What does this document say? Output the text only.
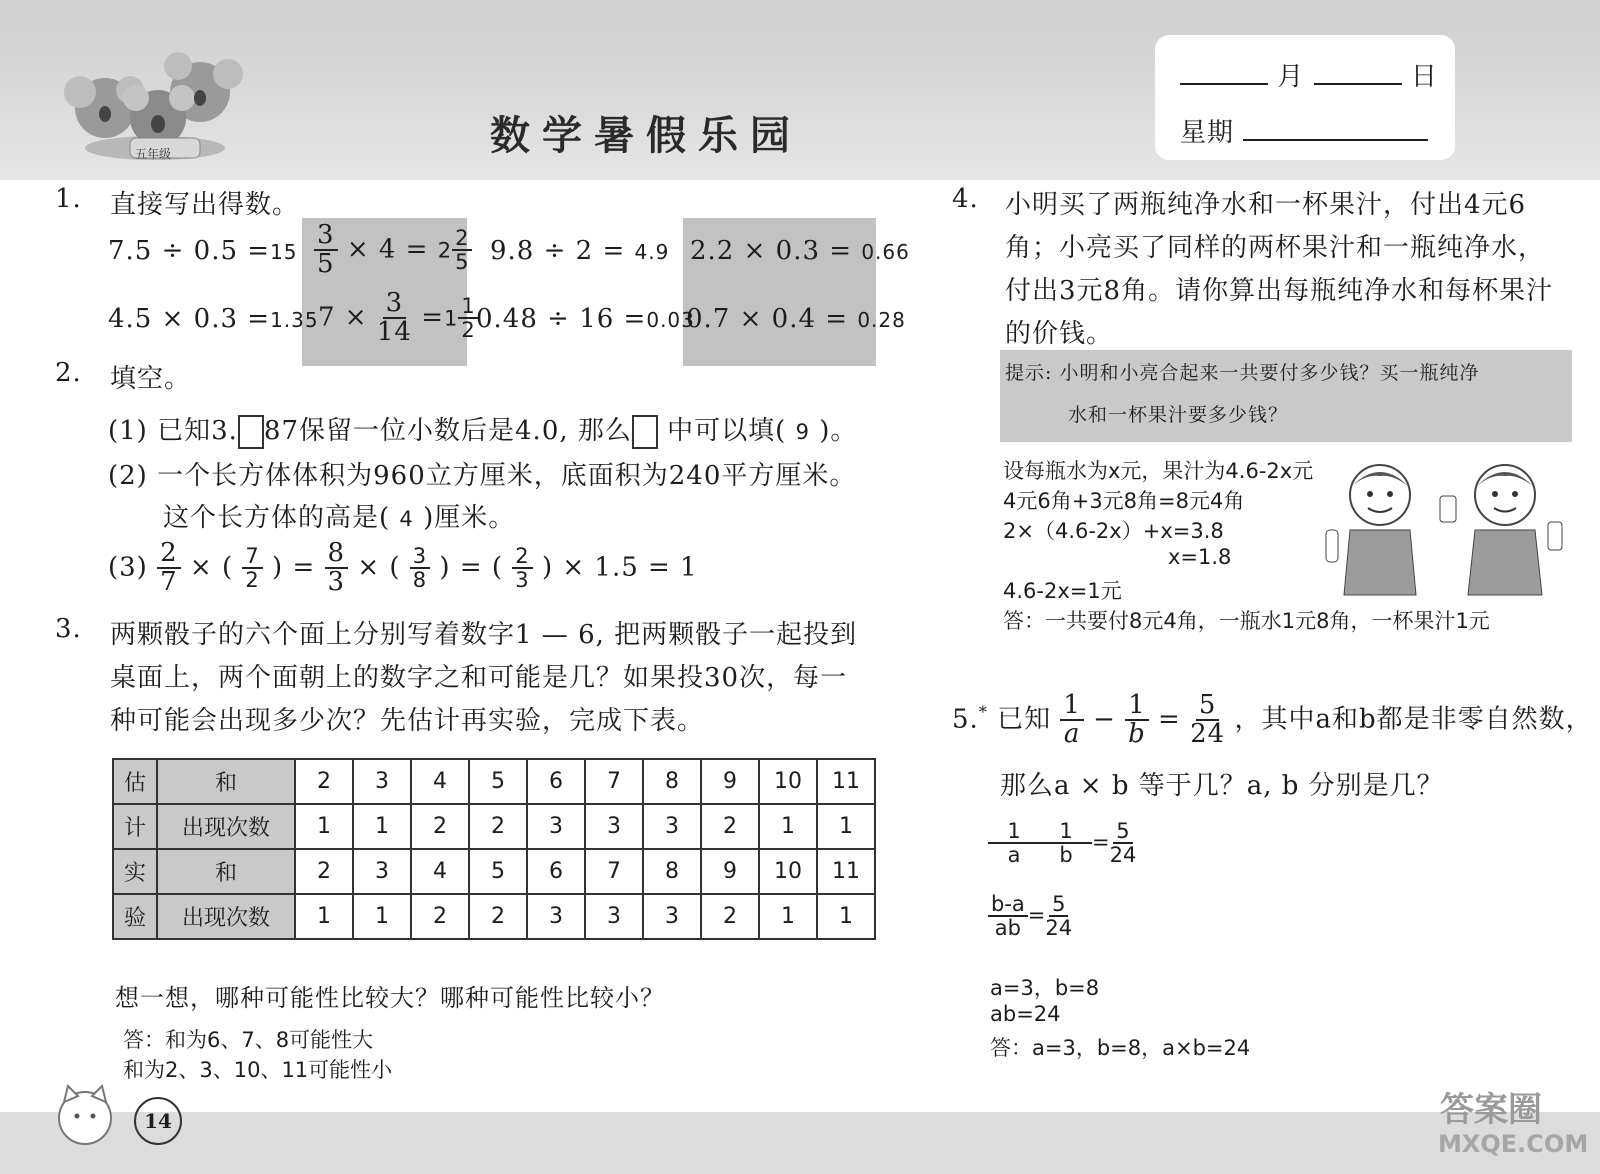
五年级	数学暑假乐园
月	日
星期
1. 直接写出得数。
$7.5 \div 0.5 =15 \frac{3}{5} \times 4 = 2 \frac{2}{5} 9.8 \div 2 = 4.9$ 2.2 × 0.3 = 0.66
4.5 × 0.3 =1.35 $7 \times \frac{3}{14} =1 \frac{1}{2}$
0.48 ÷ 16 =0.03
0.7 × 0.4 = 0.28
2. 填空。
(1) 已知3. 87保留一位小数后是4.0, 那么 中可以填( 9 )。
(2) 一个长方体体积为960立方厘米，底面积为240平方厘米。
这个长方体的高是( 4 )厘米。
$(3) \frac{2}{7}$ × ( $\frac{7}{2}$ ) = $\frac{8}{3}$ × ( $\frac{3}{8}$ ) = ( $\frac{2}{3}$ ) × 1.5 = 1
3. 两颗骰子的六个面上分别写着数字1 — 6, 把两颗骰子一起投到
桌面上，两个面朝上的数字之和可能是几？如果投30次，每一
种可能会出现多少次？先估计再实验，完成下表。
估	和	2	3	4	5	6	7	8	9	10	11
计	出现次数	1	1	2	2	3	3	3	2	1	1
实	和	2	3	4	5	6	7	8	9	10	11
验	出现次数	1	1	2	2	3	3	3	2	1	1
想一想，哪种可能性比较大？哪种可能性比较小？
答：和为6、7、8可能性大
和为2、3、10、11可能性小
4. 小明买了两瓶纯净水和一杯果汁，付出4元6
角；小亮买了同样的两杯果汁和一瓶纯净水，
付出3元8角。请你算出每瓶纯净水和每杯果汁
的价钱。
提示: 小明和小亮合起来一共要付多少钱？买一瓶纯净
水和一杯果汁要多少钱？
设每瓶水为x元，果汁为4.6-2x元
4元6角+3元8角=8元4角
2×（4.6-2x）+x=3.8
x=1.8
4.6-2x=1元
答：一共要付8元4角，一瓶水1元8角，一杯果汁1元
5.* 已知 $\frac{1}{a} - \frac{1}{b} = \frac{5}{24}$ ，其中a和b都是非零自然数，
那么a × b 等于几？a, b 分别是几？
$\frac{1}{a} \frac{1}{b} = \frac{5}{24}$
$\frac{b-a}{ab} = \frac{5}{24}$
a=3，b=8
ab=24
答：a=3，b=8，a×b=24
14	答案圈
MXQE.COM
